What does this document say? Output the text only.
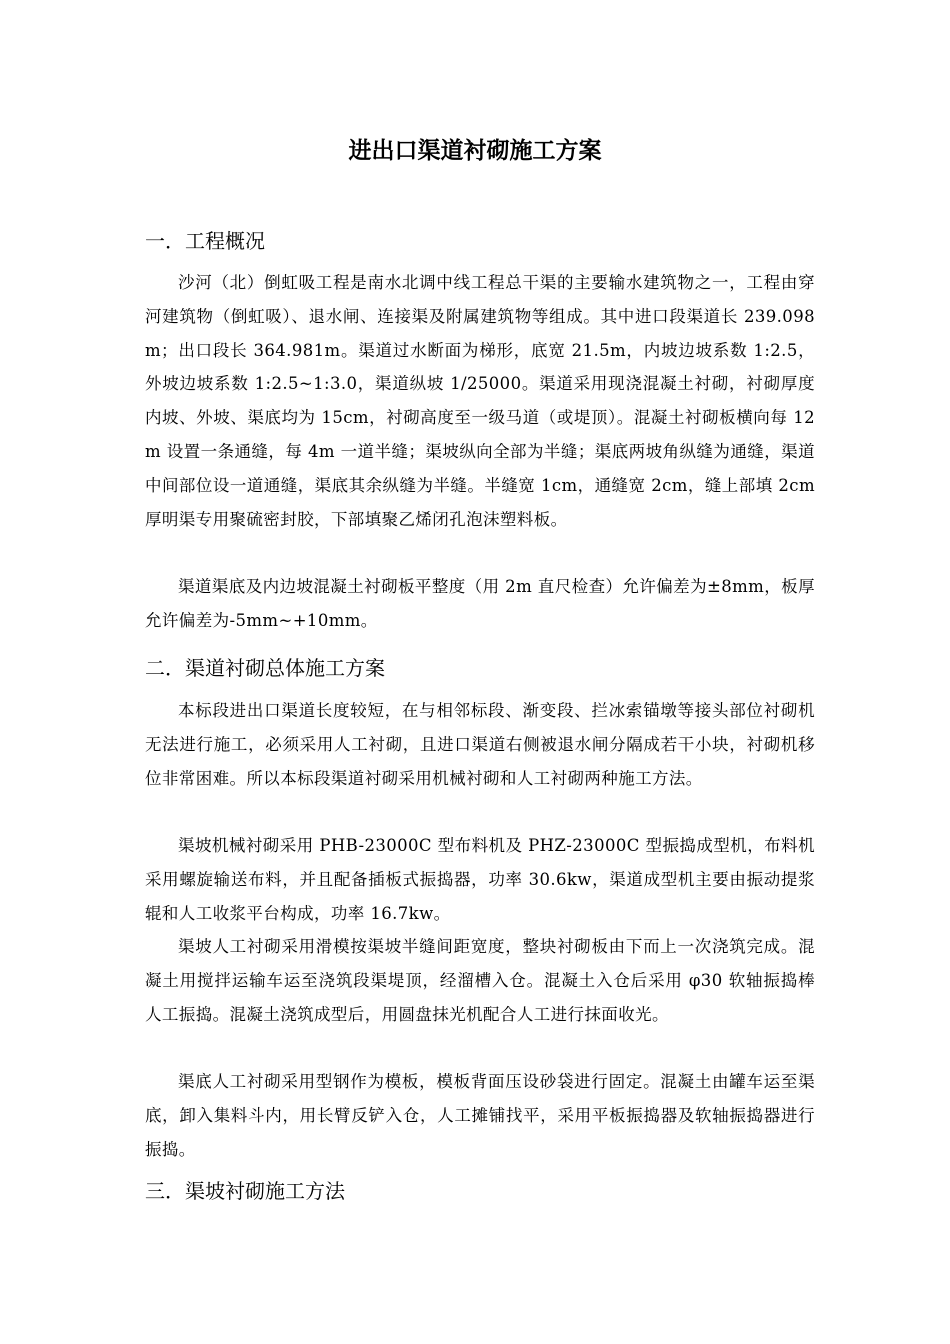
进出口渠道衬砌施工方案
一．工程概况

沙河（北）倒虹吸工程是南水北调中线工程总干渠的主要输水建筑物之一，工程由穿河建筑物（倒虹吸）、退水闸、连接渠及附属建筑物等组成。其中进口段渠道长 239.098m；出口段长 364.981m。渠道过水断面为梯形，底宽 21.5m，内坡边坡系数 1:2.5，外坡边坡系数 1:2.5~1:3.0，渠道纵坡 1/25000。渠道采用现浇混凝土衬砌，衬砌厚度内坡、外坡、渠底均为 15cm，衬砌高度至一级马道（或堤顶）。混凝土衬砌板横向每 12m 设置一条通缝，每 4m 一道半缝；渠坡纵向全部为半缝；渠底两坡角纵缝为通缝，渠道中间部位设一道通缝，渠底其余纵缝为半缝。半缝宽 1cm，通缝宽 2cm，缝上部填 2cm 厚明渠专用聚硫密封胶，下部填聚乙烯闭孔泡沫塑料板。

渠道渠底及内边坡混凝土衬砌板平整度（用 2m 直尺检查）允许偏差为±8mm，板厚允许偏差为-5mm~+10mm。

二．渠道衬砌总体施工方案

本标段进出口渠道长度较短，在与相邻标段、渐变段、拦冰索锚墩等接头部位衬砌机无法进行施工，必须采用人工衬砌，且进口渠道右侧被退水闸分隔成若干小块，衬砌机移位非常困难。所以本标段渠道衬砌采用机械衬砌和人工衬砌两种施工方法。

渠坡机械衬砌采用 PHB-23000C 型布料机及 PHZ-23000C 型振捣成型机，布料机采用螺旋输送布料，并且配备插板式振捣器，功率 30.6kw，渠道成型机主要由振动提浆辊和人工收浆平台构成，功率 16.7kw。

渠坡人工衬砌采用滑模按渠坡半缝间距宽度，整块衬砌板由下而上一次浇筑完成。混凝土用搅拌运输车运至浇筑段渠堤顶，经溜槽入仓。混凝土入仓后采用 φ30 软轴振捣棒人工振捣。混凝土浇筑成型后，用圆盘抹光机配合人工进行抹面收光。

渠底人工衬砌采用型钢作为模板，模板背面压设砂袋进行固定。混凝土由罐车运至渠底，卸入集料斗内，用长臂反铲入仓，人工摊铺找平，采用平板振捣器及软轴振捣器进行振捣。

三．渠坡衬砌施工方法
